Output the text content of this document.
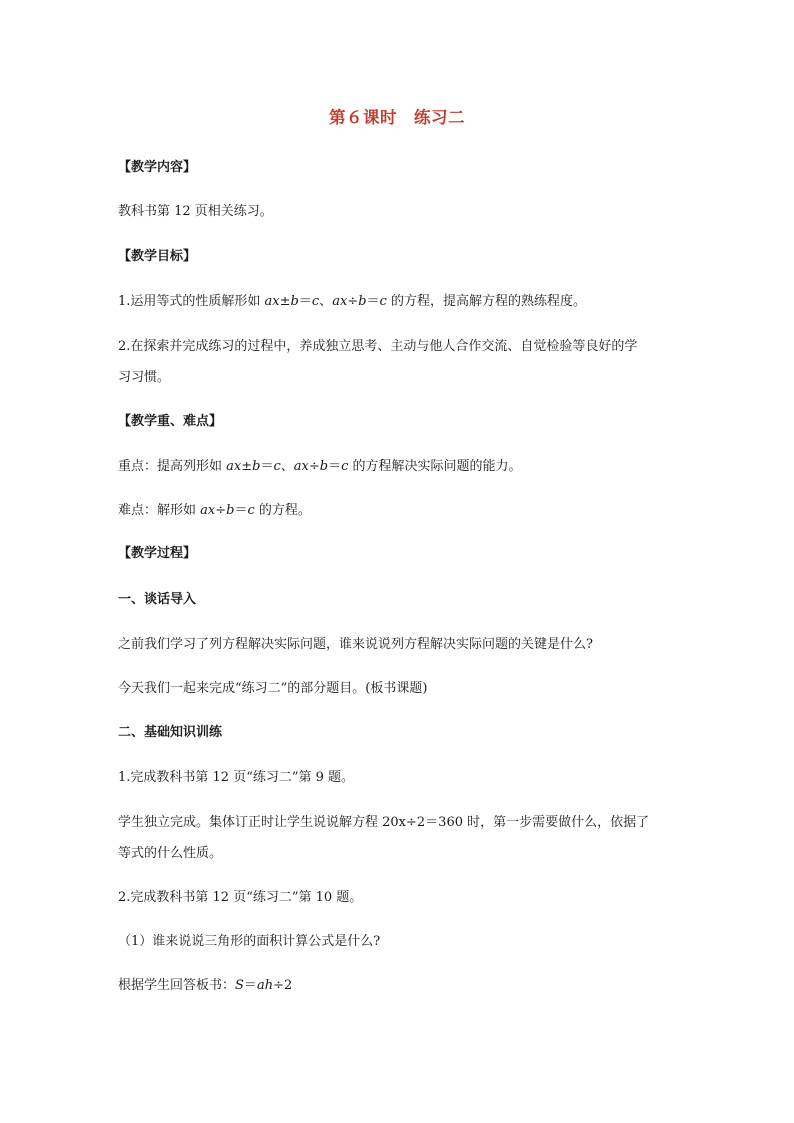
第６课时　练习二
【教学内容】
教科书第 12 页相关练习。
【教学目标】
1.运用等式的性质解形如 ax±b＝c、ax÷b＝c 的方程，提高解方程的熟练程度。
2.在探索并完成练习的过程中，养成独立思考、主动与他人合作交流、自觉检验等良好的学
习习惯。
【教学重、难点】
重点：提高列形如 ax±b＝c、ax÷b＝c 的方程解决实际问题的能力。
难点：解形如 ax÷b＝c 的方程。
【教学过程】
一、谈话导入
之前我们学习了列方程解决实际问题，谁来说说列方程解决实际问题的关键是什么?
今天我们一起来完成“练习二”的部分题目。(板书课题)
二、基础知识训练
1.完成教科书第 12 页“练习二”第 9 题。
学生独立完成。集体订正时让学生说说解方程 20x÷2＝360 时，第一步需要做什么，依据了
等式的什么性质。
2.完成教科书第 12 页“练习二”第 10 题。
（1）谁来说说三角形的面积计算公式是什么?
根据学生回答板书：S＝ah÷2
